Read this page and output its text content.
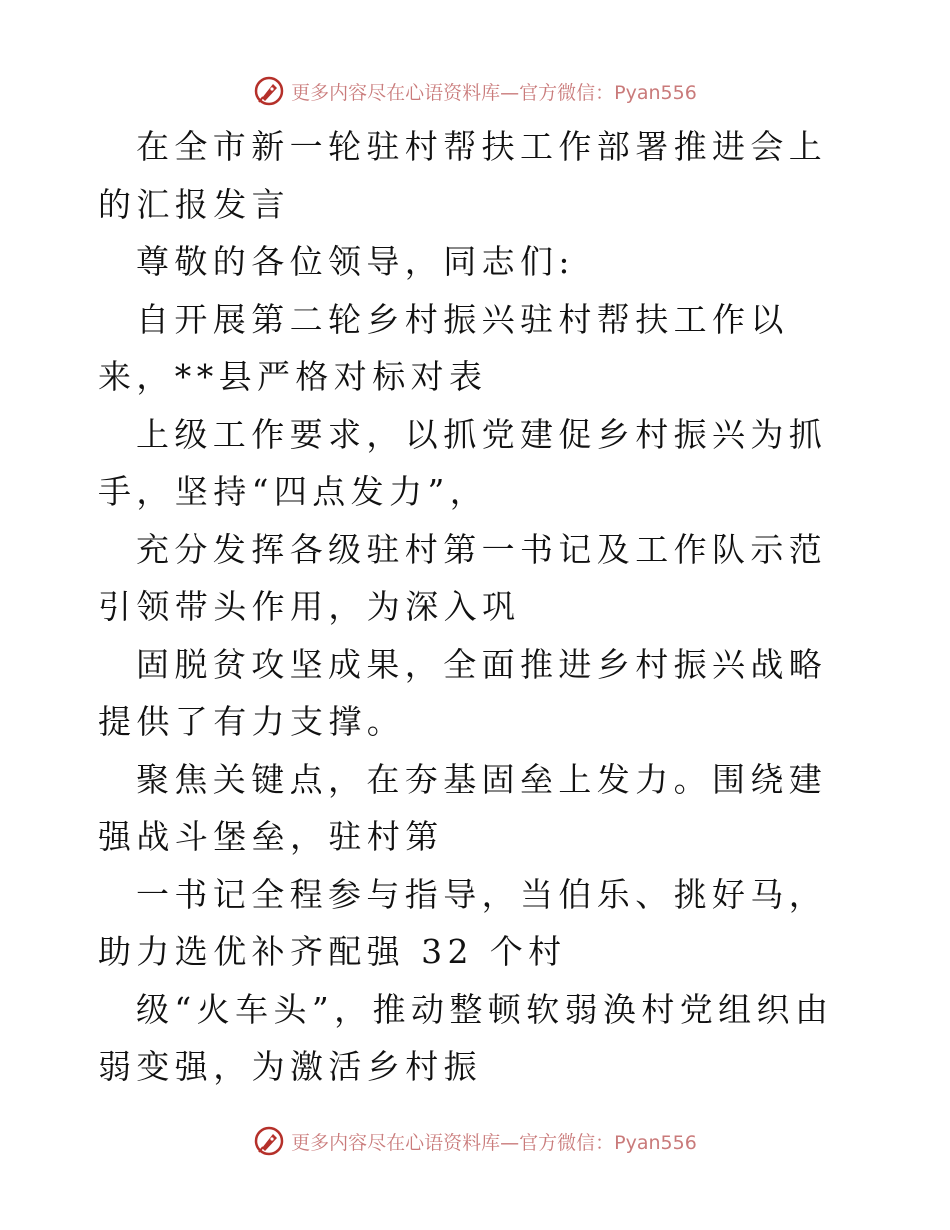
更多内容尽在心语资料库—官方微信：Pyan556

在全市新一轮驻村帮扶工作部署推进会上的汇报发言

尊敬的各位领导，同志们:

自开展第二轮乡村振兴驻村帮扶工作以来，**县严格对标对表

上级工作要求，以抓党建促乡村振兴为抓手，坚持“四点发力”，

充分发挥各级驻村第一书记及工作队示范引领带头作用，为深入巩

固脱贫攻坚成果，全面推进乡村振兴战略提供了有力支撑。

聚焦关键点，在夯基固垒上发力。围绕建强战斗堡垒，驻村第

一书记全程参与指导，当伯乐、挑好马，助力选优补齐配强 32 个村

级“火车头”，推动整顿软弱涣村党组织由弱变强，为激活乡村振

更多内容尽在心语资料库—官方微信：Pyan556
